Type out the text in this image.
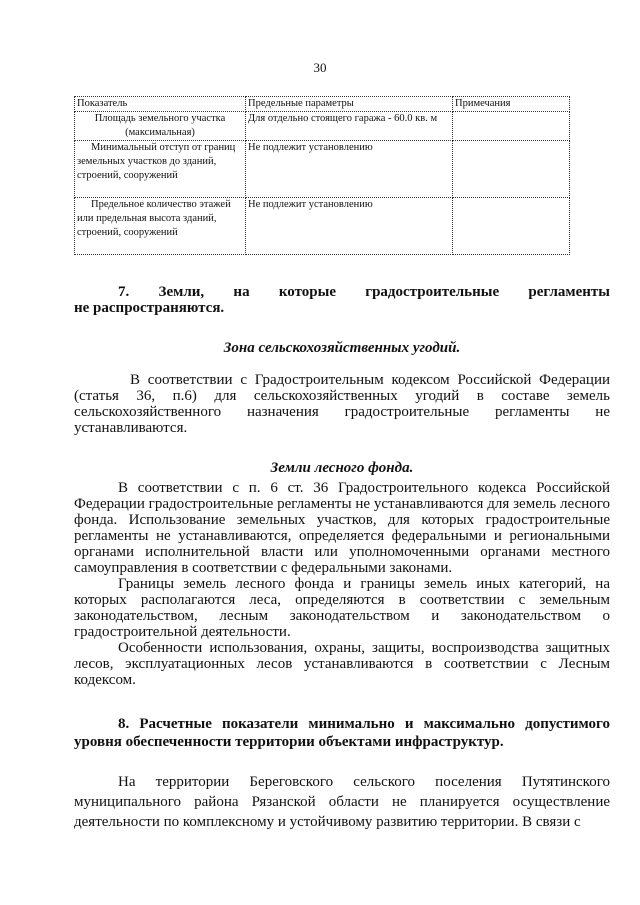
30
Показатель	Предельные параметры	Примечания
Площадь земельного участка (максимальная)	Для отдельно стоящего гаража - 60.0 кв. м	
Минимальный отступ от границ земельных участков до зданий, строений, сооружений	Не подлежит установлению	
Предельное количество этажей или предельная высота зданий, строений, сооружений	Не подлежит установлению	
7. Земли, на которые градостроительные регламенты
не распространяются.
Зона сельскохозяйственных угодий.

В соответствии с Градостроительным кодексом Российской Федерации (статья 36, п.6) для сельскохозяйственных угодий в составе земель сельскохозяйственного назначения градостроительные регламенты не устанавливаются.

Земли лесного фонда.

В соответствии с п. 6 ст. 36 Градостроительного кодекса Российской Федерации градостроительные регламенты не устанавливаются для земель лесного фонда. Использование земельных участков, для которых градостроительные регламенты не устанавливаются, определяется федеральными и региональными органами исполнительной власти или уполномоченными органами местного самоуправления в соответствии с федеральными законами.

Границы земель лесного фонда и границы земель иных категорий, на которых располагаются леса, определяются в соответствии с земельным законодательством, лесным законодательством и законодательством о градостроительной деятельности.

Особенности использования, охраны, защиты, воспроизводства защитных лесов, эксплуатационных лесов устанавливаются в соответствии с Лесным кодексом.

8. Расчетные показатели минимально и максимально допустимого уровня обеспеченности территории объектами инфраструктур.

На территории Береговского сельского поселения Путятинского муниципального района Рязанской области не планируется осуществление деятельности по комплексному и устойчивому развитию территории. В связи с
